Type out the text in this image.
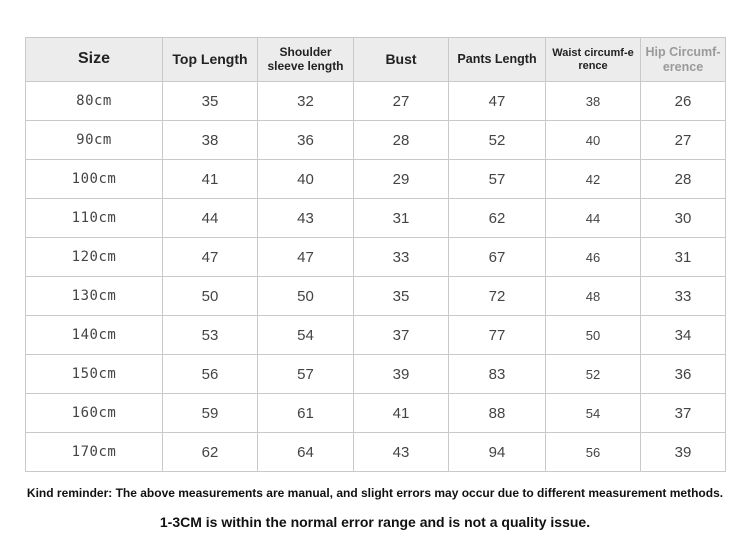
Size	Top Length	Shoulder sleeve length	Bust	Pants Length	Waist circumf-erence	Hip Circumf-erence
80cm	35	32	27	47	38	26
90cm	38	36	28	52	40	27
100cm	41	40	29	57	42	28
110cm	44	43	31	62	44	30
120cm	47	47	33	67	46	31
130cm	50	50	35	72	48	33
140cm	53	54	37	77	50	34
150cm	56	57	39	83	52	36
160cm	59	61	41	88	54	37
170cm	62	64	43	94	56	39
Kind reminder: The above measurements are manual, and slight errors may occur due to different measurement methods.
1-3CM is within the normal error range and is not a quality issue.
